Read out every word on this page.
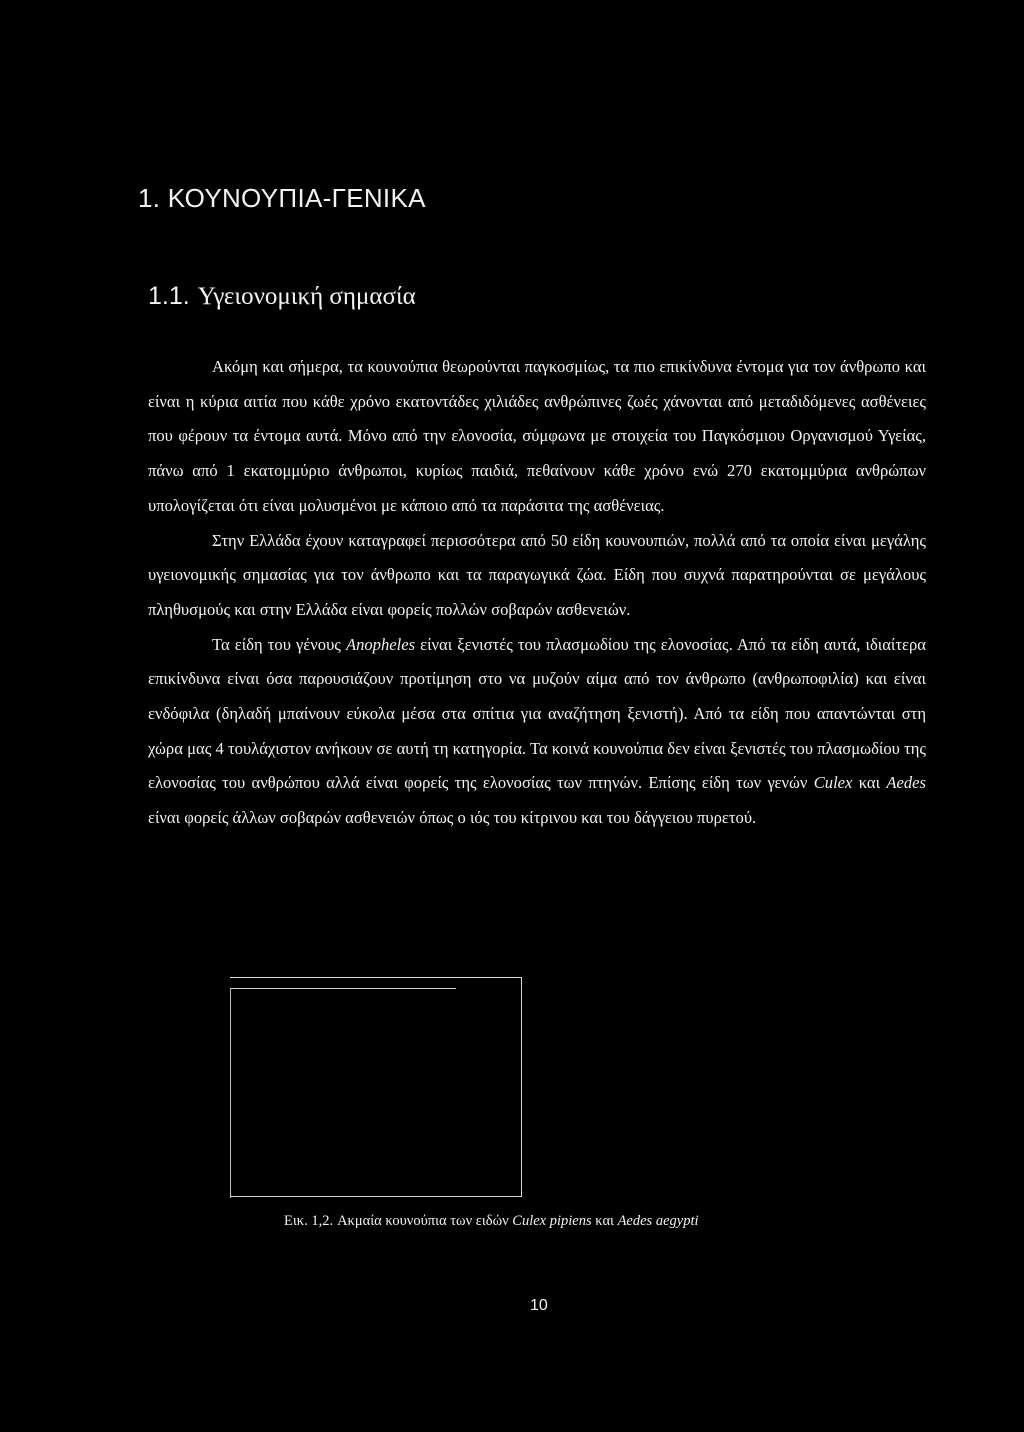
1. ΚΟΥΝΟΥΠΙΑ-ΓΕΝΙΚΑ
1.1. Υγειονομική σημασία

Ακόμη και σήμερα, τα κουνούπια θεωρούνται παγκοσμίως, τα πιο επικίνδυνα έντομα για τον άνθρωπο και είναι η κύρια αιτία που κάθε χρόνο εκατοντάδες χιλιάδες ανθρώπινες ζωές χάνονται από μεταδιδόμενες ασθένειες που φέρουν τα έντομα αυτά. Μόνο από την ελονοσία, σύμφωνα με στοιχεία του Παγκόσμιου Οργανισμού Υγείας, πάνω από 1 εκατομμύριο άνθρωποι, κυρίως παιδιά, πεθαίνουν κάθε χρόνο ενώ 270 εκατομμύρια ανθρώπων υπολογίζεται ότι είναι μολυσμένοι με κάποιο από τα παράσιτα της ασθένειας.

Στην Ελλάδα έχουν καταγραφεί περισσότερα από 50 είδη κουνουπιών, πολλά από τα οποία είναι μεγάλης υγειονομικής σημασίας για τον άνθρωπο και τα παραγωγικά ζώα. Είδη που συχνά παρατηρούνται σε μεγάλους πληθυσμούς και στην Ελλάδα είναι φορείς πολλών σοβαρών ασθενειών.

Τα είδη του γένους Anopheles είναι ξενιστές του πλασμωδίου της ελονοσίας. Από τα είδη αυτά, ιδιαίτερα επικίνδυνα είναι όσα παρουσιάζουν προτίμηση στο να μυζούν αίμα από τον άνθρωπο (ανθρωποφιλία) και είναι ενδόφιλα (δηλαδή μπαίνουν εύκολα μέσα στα σπίτια για αναζήτηση ξενιστή). Από τα είδη που απαντώνται στη χώρα μας 4 τουλάχιστον ανήκουν σε αυτή τη κατηγορία. Τα κοινά κουνούπια δεν είναι ξενιστές του πλασμωδίου της ελονοσίας του ανθρώπου αλλά είναι φορείς της ελονοσίας των πτηνών. Επίσης είδη των γενών Culex και Aedes είναι φορείς άλλων σοβαρών ασθενειών όπως ο ιός του κίτρινου και του δάγγειου πυρετού.

Εικ. 1,2. Ακμαία κουνούπια των ειδών Culex pipiens και Aedes aegypti
10
